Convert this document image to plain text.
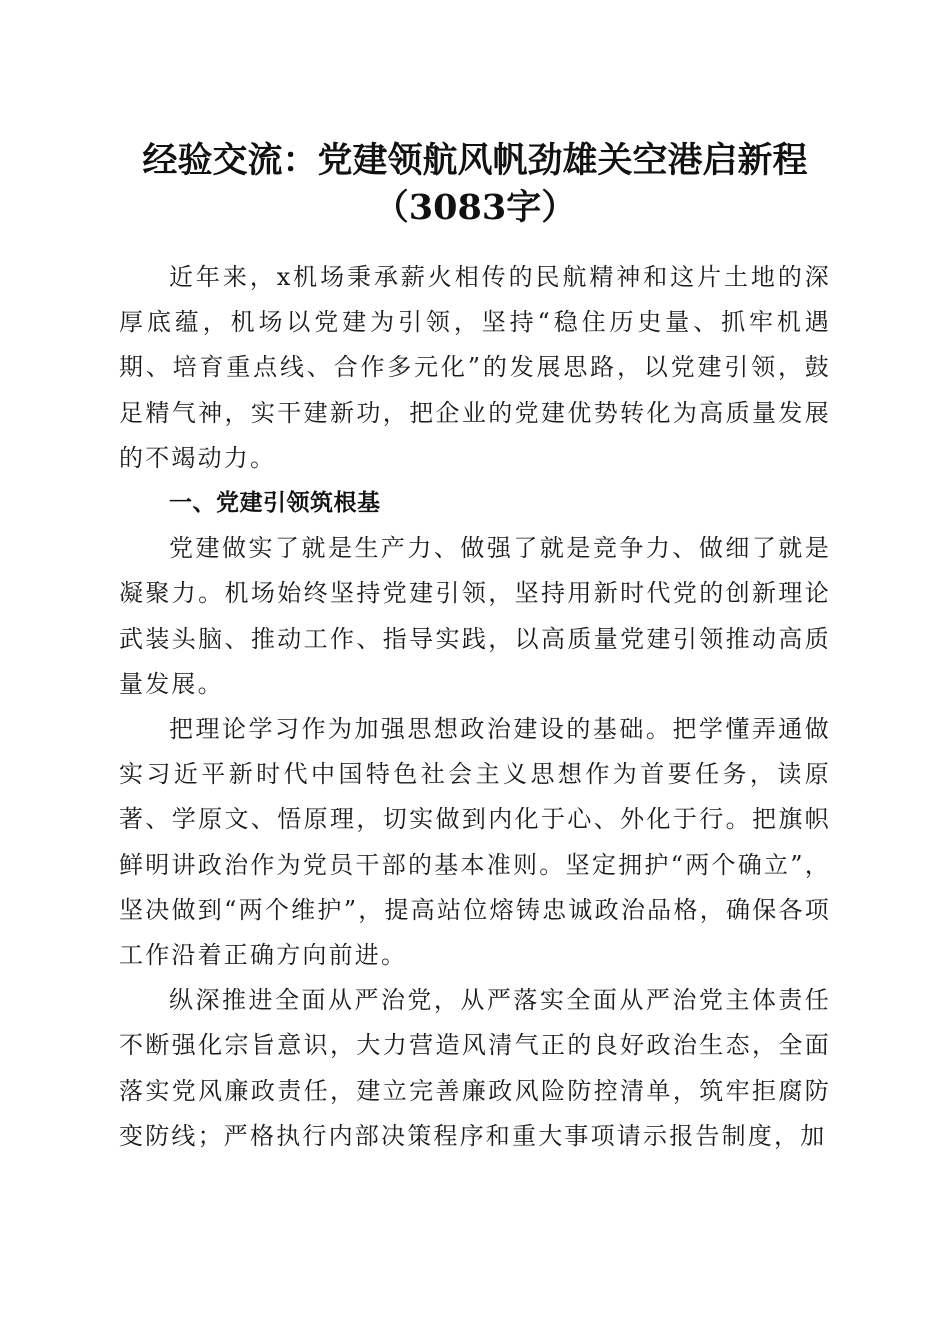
经验交流：党建领航风帆劲雄关空港启新程
（3083字）

近年来，x机场秉承薪火相传的民航精神和这片土地的深厚底蕴，机场以党建为引领，坚持“稳住历史量、抓牢机遇期、培育重点线、合作多元化”的发展思路，以党建引领，鼓足精气神，实干建新功，把企业的党建优势转化为高质量发展的不竭动力。

一、党建引领筑根基

党建做实了就是生产力、做强了就是竞争力、做细了就是凝聚力。机场始终坚持党建引领，坚持用新时代党的创新理论武装头脑、推动工作、指导实践，以高质量党建引领推动高质量发展。

把理论学习作为加强思想政治建设的基础。把学懂弄通做实习近平新时代中国特色社会主义思想作为首要任务，读原著、学原文、悟原理，切实做到内化于心、外化于行。把旗帜鲜明讲政治作为党员干部的基本准则。坚定拥护“两个确立”，坚决做到“两个维护”，提高站位熔铸忠诚政治品格，确保各项工作沿着正确方向前进。

纵深推进全面从严治党，从严落实全面从严治党主体责任不断强化宗旨意识，大力营造风清气正的良好政治生态，全面落实党风廉政责任，建立完善廉政风险防控清单，筑牢拒腐防变防线；严格执行内部决策程序和重大事项请示报告制度，加
